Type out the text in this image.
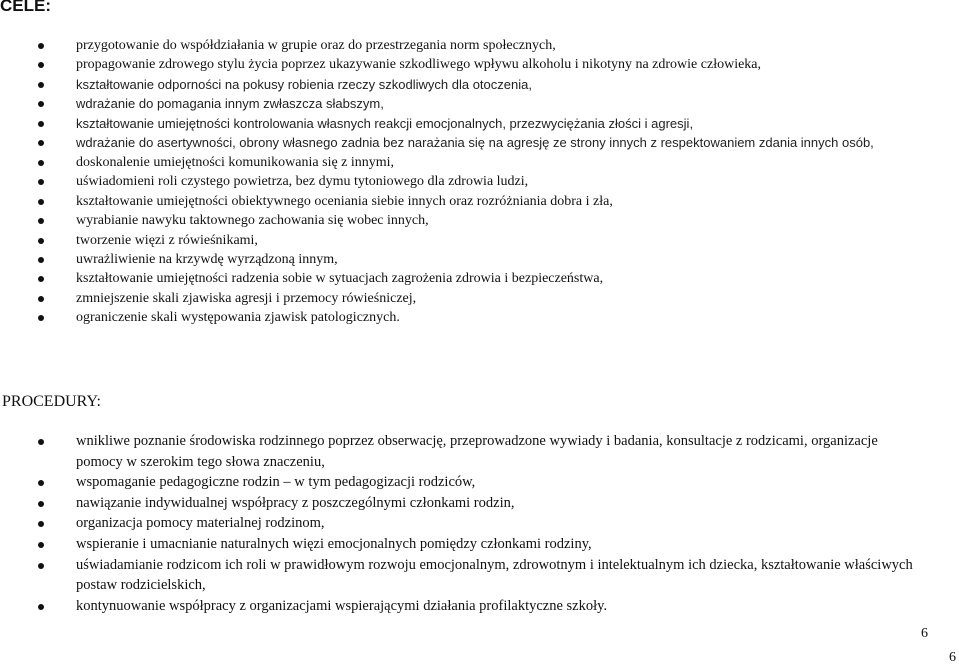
CELE:
przygotowanie do współdziałania w grupie oraz do przestrzegania norm społecznych,
propagowanie zdrowego stylu życia poprzez ukazywanie szkodliwego wpływu alkoholu i nikotyny na zdrowie człowieka,
kształtowanie odporności na pokusy robienia rzeczy szkodliwych dla otoczenia,
wdrażanie do pomagania innym zwłaszcza słabszym,
kształtowanie umiejętności kontrolowania własnych reakcji emocjonalnych, przezwyciężania złości i agresji,
wdrażanie do asertywności, obrony własnego zadnia bez narażania się na agresję ze strony innych z respektowaniem zdania innych osób,
doskonalenie umiejętności komunikowania się z innymi,
uświadomieni roli czystego powietrza, bez dymu tytoniowego dla zdrowia ludzi,
kształtowanie umiejętności obiektywnego oceniania siebie innych oraz rozróżniania dobra i zła,
wyrabianie nawyku taktownego zachowania się wobec innych,
tworzenie więzi z rówieśnikami,
uwrażliwienie na krzywdę wyrządzoną innym,
kształtowanie umiejętności radzenia sobie w sytuacjach zagrożenia zdrowia i bezpieczeństwa,
zmniejszenie skali zjawiska agresji i przemocy rówieśniczej,
ograniczenie skali występowania zjawisk patologicznych.
PROCEDURY:
wnikliwe poznanie środowiska rodzinnego poprzez obserwację, przeprowadzone wywiady i badania, konsultacje z rodzicami, organizacje pomocy w szerokim tego słowa znaczeniu,
wspomaganie pedagogiczne rodzin – w tym pedagogizacji rodziców,
nawiązanie indywidualnej współpracy z poszczególnymi członkami rodzin,
organizacja pomocy materialnej rodzinom,
wspieranie i umacnianie naturalnych więzi emocjonalnych pomiędzy członkami rodziny,
uświadamianie rodzicom ich roli w prawidłowym rozwoju emocjonalnym, zdrowotnym i intelektualnym ich dziecka, kształtowanie właściwych postaw rodzicielskich,
kontynuowanie współpracy z organizacjami wspierającymi działania profilaktyczne szkoły.
6
6
